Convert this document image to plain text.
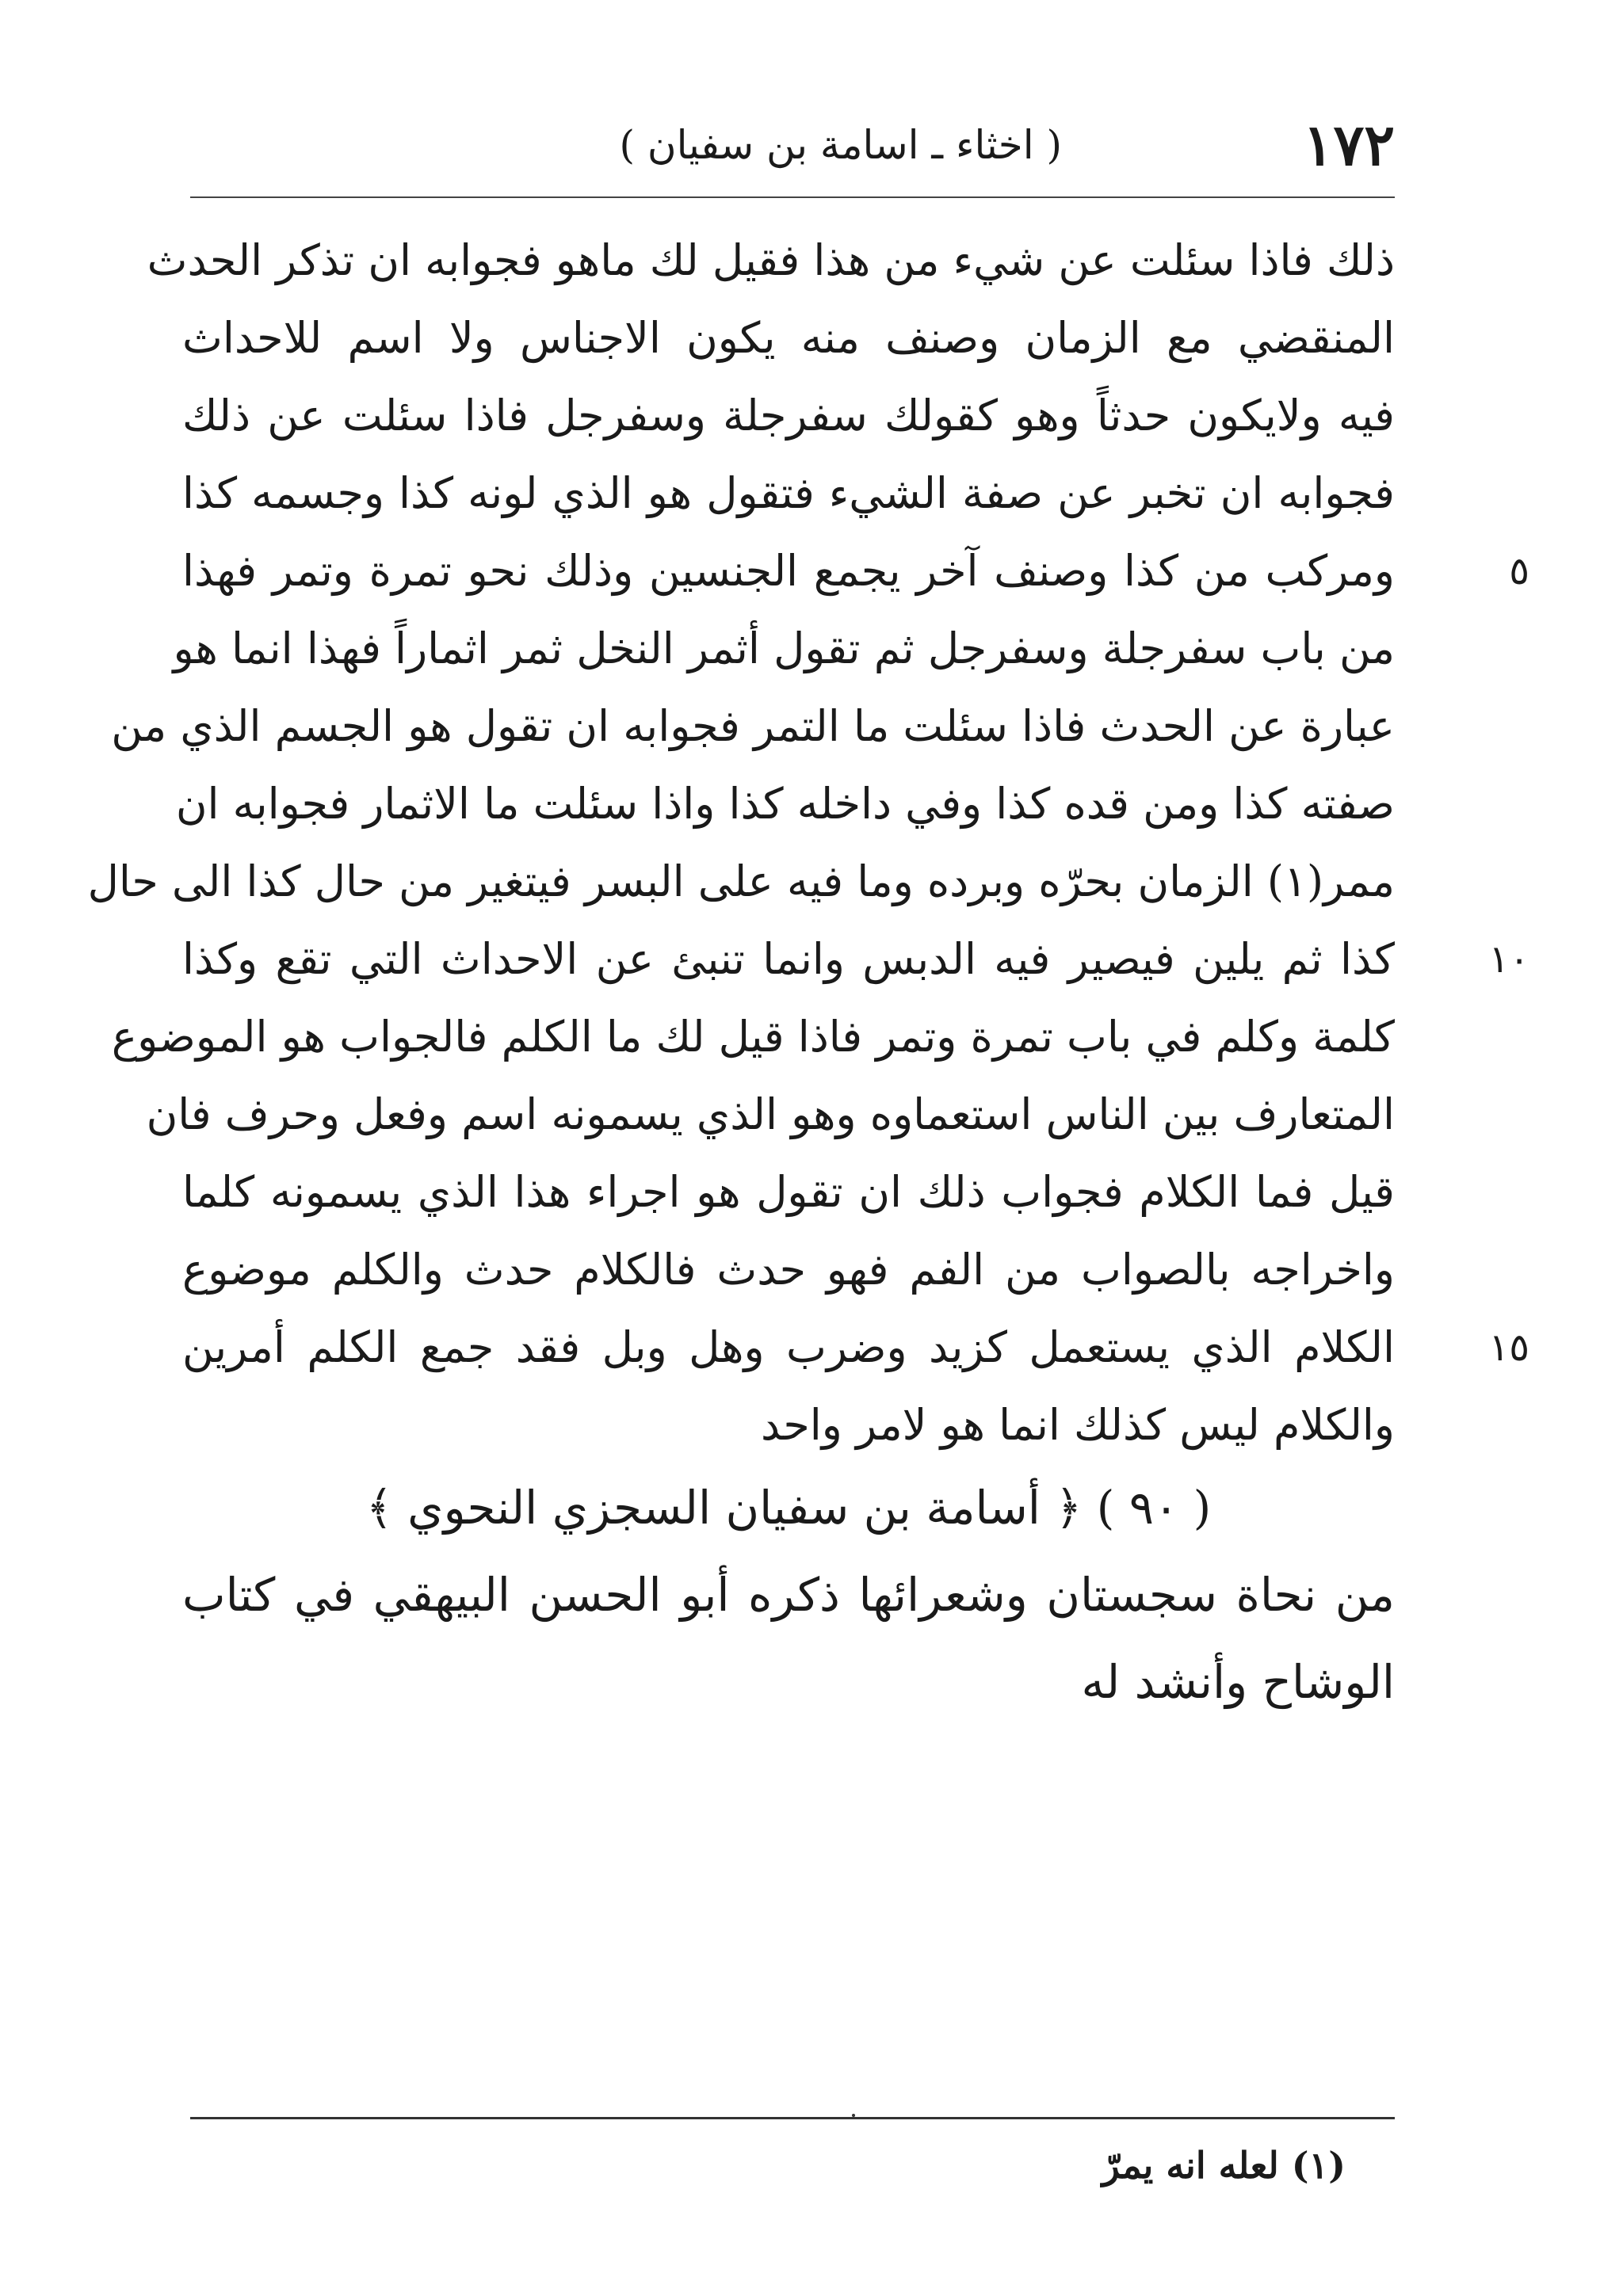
١٧٢
( اخثاء ـ اسامة بن سفيان )
ذلك فاذا سئلت عن شيء من هذا فقيل لك ماهو فجوابه ان تذكر الحدث
المنقضي مع الزمان وصنف منه يكون الاجناس ولا اسم للاحداث
فيه ولايكون حدثاً وهو كقولك سفرجلة وسفرجل فاذا سئلت عن ذلك
فجوابه ان تخبر عن صفة الشيء فتقول هو الذي لونه كذا وجسمه كذا
ومركب من كذا وصنف آخر يجمع الجنسين وذلك نحو تمرة وتمر فهذا	٥
من باب سفرجلة وسفرجل ثم تقول أثمر النخل ثمر اثماراً فهذا انما هو
عبارة عن الحدث فاذا سئلت ما التمر فجوابه ان تقول هو الجسم الذي من
صفته كذا ومن قده كذا وفي داخله كذا واذا سئلت ما الاثمار فجوابه ان
ممر(١) الزمان بحرّه وبرده وما فيه على البسر فيتغير من حال كذا الى حال
كذا ثم يلين فيصير فيه الدبس وانما تنبئ عن الاحداث التي تقع وكذا	١٠
كلمة وكلم في باب تمرة وتمر فاذا قيل لك ما الكلم فالجواب هو الموضوع
المتعارف بين الناس استعماوه وهو الذي يسمونه اسم وفعل وحرف فان
قيل فما الكلام فجواب ذلك ان تقول هو اجراء هذا الذي يسمونه كلما
واخراجه بالصواب من الفم فهو حدث فالكلام حدث والكلم موضوع
الكلام الذي يستعمل كزيد وضرب وهل وبل فقد جمع الكلم أمرين	١٥
والكلام ليس كذلك انما هو لامر واحد
( ٩٠ ) ﴿ أسامة بن سفيان السجزي النحوي ﴾
من نحاة سجستان وشعرائها ذكره أبو الحسن البيهقي في كتاب
الوشاح وأنشد له
(١) لعله انه يمرّ
